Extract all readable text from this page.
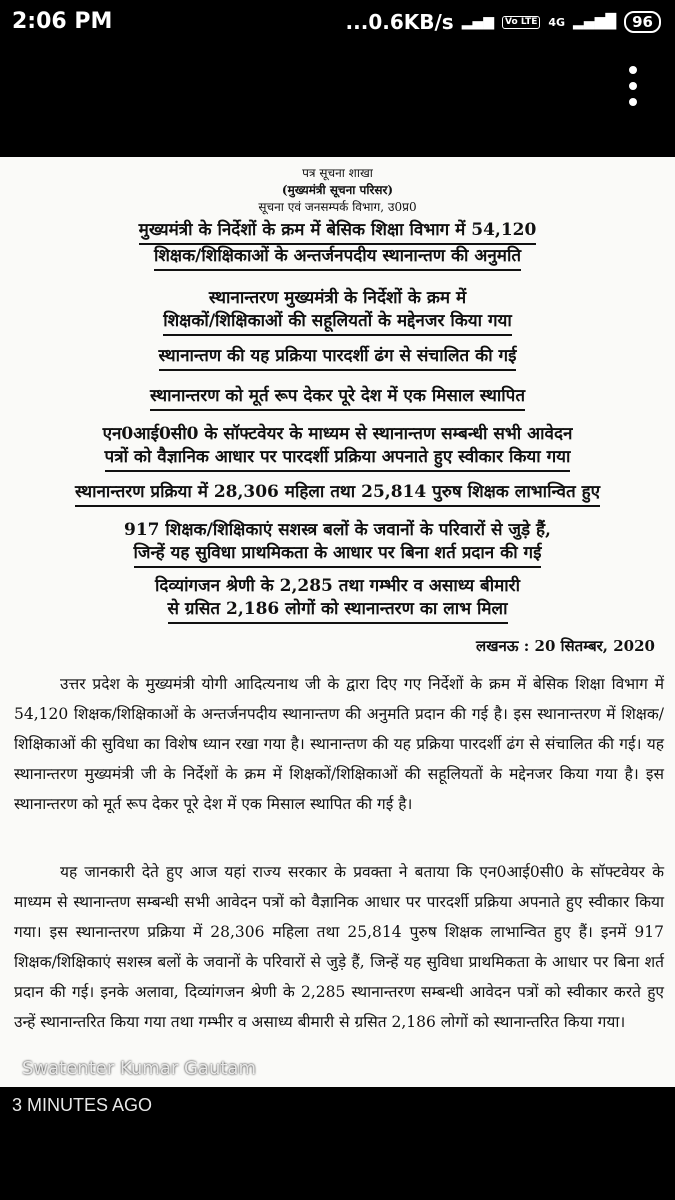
2:06 PM	...0.6KB/s ▂▄▆	Vo LTE 4G ▂▄▆█	96
पत्र सूचना शाखा
(मुख्यमंत्री सूचना परिसर)
सूचना एवं जनसम्पर्क विभाग, उ0प्र0
मुख्यमंत्री के निर्देशों के क्रम में बेसिक शिक्षा विभाग में 54,120
शिक्षक/शिक्षिकाओं के अन्तर्जनपदीय स्थानान्तण की अनुमति
स्थानान्तरण मुख्यमंत्री के निर्देशों के क्रम में
शिक्षकों/शिक्षिकाओं की सहूलियतों के मद्देनजर किया गया
स्थानान्तण की यह प्रक्रिया पारदर्शी ढंग से संचालित की गई
स्थानान्तरण को मूर्त रूप देकर पूरे देश में एक मिसाल स्थापित
एन0आई0सी0 के सॉफ्टवेयर के माध्यम से स्थानान्तण सम्बन्धी सभी आवेदन
पत्रों को वैज्ञानिक आधार पर पारदर्शी प्रक्रिया अपनाते हुए स्वीकार किया गया
स्थानान्तरण प्रक्रिया में 28,306 महिला तथा 25,814 पुरुष शिक्षक लाभान्वित हुए
917 शिक्षक/शिक्षिकाएं सशस्त्र बलों के जवानों के परिवारों से जुड़े हैं,
जिन्हें यह सुविधा प्राथमिकता के आधार पर बिना शर्त प्रदान की गई
दिव्यांगजन श्रेणी के 2,285 तथा गम्भीर व असाध्य बीमारी
से ग्रसित 2,186 लोगों को स्थानान्तरण का लाभ मिला
लखनऊ : 20 सितम्बर, 2020
उत्तर प्रदेश के मुख्यमंत्री योगी आदित्यनाथ जी के द्वारा दिए गए निर्देशों के क्रम में बेसिक शिक्षा विभाग में 54,120 शिक्षक/शिक्षिकाओं के अन्तर्जनपदीय स्थानान्तण की अनुमति प्रदान की गई है। इस स्थानान्तरण में शिक्षक/शिक्षिकाओं की सुविधा का विशेष ध्यान रखा गया है। स्थानान्तण की यह प्रक्रिया पारदर्शी ढंग से संचालित की गई। यह स्थानान्तरण मुख्यमंत्री जी के निर्देशों के क्रम में शिक्षकों/शिक्षिकाओं की सहूलियतों के मद्देनजर किया गया है। इस स्थानान्तरण को मूर्त रूप देकर पूरे देश में एक मिसाल स्थापित की गई है।
यह जानकारी देते हुए आज यहां राज्य सरकार के प्रवक्ता ने बताया कि एन0आई0सी0 के सॉफ्टवेयर के माध्यम से स्थानान्तण सम्बन्धी सभी आवेदन पत्रों को वैज्ञानिक आधार पर पारदर्शी प्रक्रिया अपनाते हुए स्वीकार किया गया। इस स्थानान्तरण प्रक्रिया में 28,306 महिला तथा 25,814 पुरुष शिक्षक लाभान्वित हुए हैं। इनमें 917 शिक्षक/शिक्षिकाएं सशस्त्र बलों के जवानों के परिवारों से जुड़े हैं, जिन्हें यह सुविधा प्राथमिकता के आधार पर बिना शर्त प्रदान की गई। इनके अलावा, दिव्यांगजन श्रेणी के 2,285 स्थानान्तरण सम्बन्धी आवेदन पत्रों को स्वीकार करते हुए उन्हें स्थानान्तरित किया गया तथा गम्भीर व असाध्य बीमारी से ग्रसित 2,186 लोगों को स्थानान्तरित किया गया।
Swatenter Kumar Gautam
3 MINUTES AGO
